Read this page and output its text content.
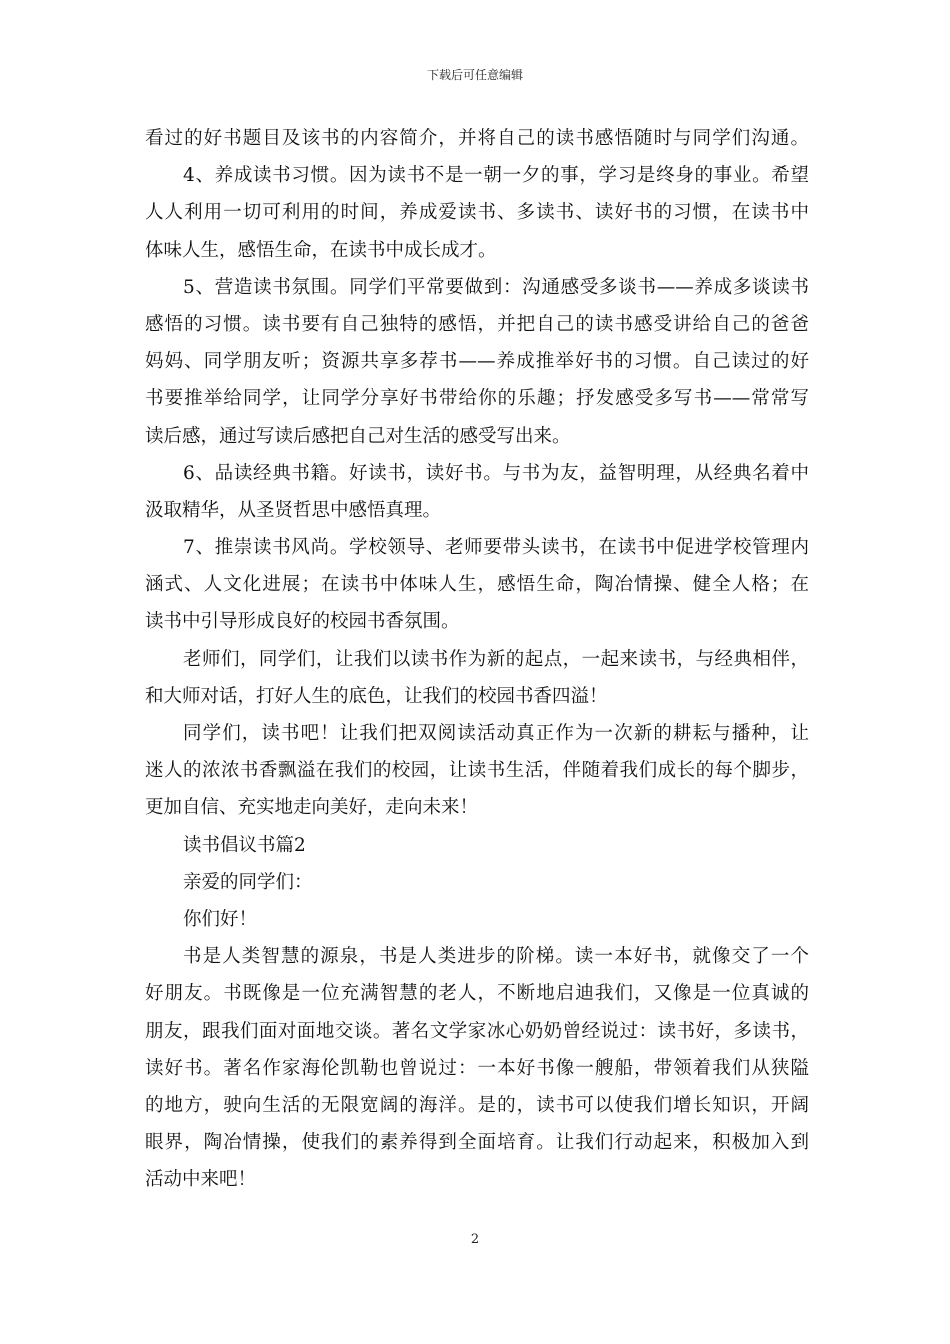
下载后可任意编辑
看过的好书题目及该书的内容简介，并将自己的读书感悟随时与同学们沟通。
4、养成读书习惯。因为读书不是一朝一夕的事，学习是终身的事业。希望
人人利用一切可利用的时间，养成爱读书、多读书、读好书的习惯，在读书中
体味人生，感悟生命，在读书中成长成才。
5、营造读书氛围。同学们平常要做到：沟通感受多谈书——养成多谈读书
感悟的习惯。读书要有自己独特的感悟，并把自己的读书感受讲给自己的爸爸
妈妈、同学朋友听；资源共享多荐书——养成推举好书的习惯。自己读过的好
书要推举给同学，让同学分享好书带给你的乐趣；抒发感受多写书——常常写
读后感，通过写读后感把自己对生活的感受写出来。
6、品读经典书籍。好读书，读好书。与书为友，益智明理，从经典名着中
汲取精华，从圣贤哲思中感悟真理。
7、推崇读书风尚。学校领导、老师要带头读书，在读书中促进学校管理内
涵式、人文化进展；在读书中体味人生，感悟生命，陶冶情操、健全人格；在
读书中引导形成良好的校园书香氛围。
老师们，同学们，让我们以读书作为新的起点，一起来读书，与经典相伴，
和大师对话，打好人生的底色，让我们的校园书香四溢！
同学们，读书吧！让我们把双阅读活动真正作为一次新的耕耘与播种，让
迷人的浓浓书香飘溢在我们的校园，让读书生活，伴随着我们成长的每个脚步，
更加自信、充实地走向美好，走向未来！
读书倡议书篇2
亲爱的同学们：
你们好！
书是人类智慧的源泉，书是人类进步的阶梯。读一本好书，就像交了一个
好朋友。书既像是一位充满智慧的老人，不断地启迪我们，又像是一位真诚的
朋友，跟我们面对面地交谈。著名文学家冰心奶奶曾经说过：读书好，多读书，
读好书。著名作家海伦凯勒也曾说过：一本好书像一艘船，带领着我们从狭隘
的地方，驶向生活的无限宽阔的海洋。是的，读书可以使我们增长知识，开阔
眼界，陶冶情操，使我们的素养得到全面培育。让我们行动起来，积极加入到
活动中来吧！
2
